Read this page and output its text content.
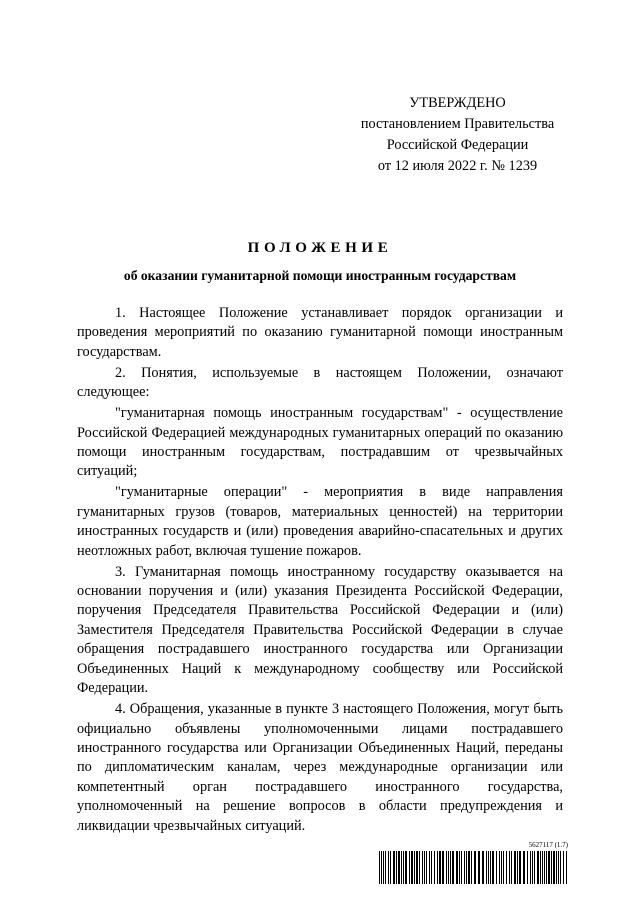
УТВЕРЖДЕНО
постановлением Правительства
Российской Федерации
от 12 июля 2022 г. № 1239
ПОЛОЖЕНИЕ
об оказании гуманитарной помощи иностранным государствам

1. Настоящее Положение устанавливает порядок организации и проведения мероприятий по оказанию гуманитарной помощи иностранным государствам.

2. Понятия, используемые в настоящем Положении, означают следующее:

"гуманитарная помощь иностранным государствам" - осуществление Российской Федерацией международных гуманитарных операций по оказанию помощи иностранным государствам, пострадавшим от чрезвычайных ситуаций;

"гуманитарные операции" - мероприятия в виде направления гуманитарных грузов (товаров, материальных ценностей) на территории иностранных государств и (или) проведения аварийно-спасательных и других неотложных работ, включая тушение пожаров.

3. Гуманитарная помощь иностранному государству оказывается на основании поручения и (или) указания Президента Российской Федерации, поручения Председателя Правительства Российской Федерации и (или) Заместителя Председателя Правительства Российской Федерации в случае обращения пострадавшего иностранного государства или Организации Объединенных Наций к международному сообществу или Российской Федерации.

4. Обращения, указанные в пункте 3 настоящего Положения, могут быть официально объявлены уполномоченными лицами пострадавшего иностранного государства или Организации Объединенных Наций, переданы по дипломатическим каналам, через международные организации или компетентный орган пострадавшего иностранного государства, уполномоченный на решение вопросов в области предупреждения и ликвидации чрезвычайных ситуаций.

5627117 (1.7)
